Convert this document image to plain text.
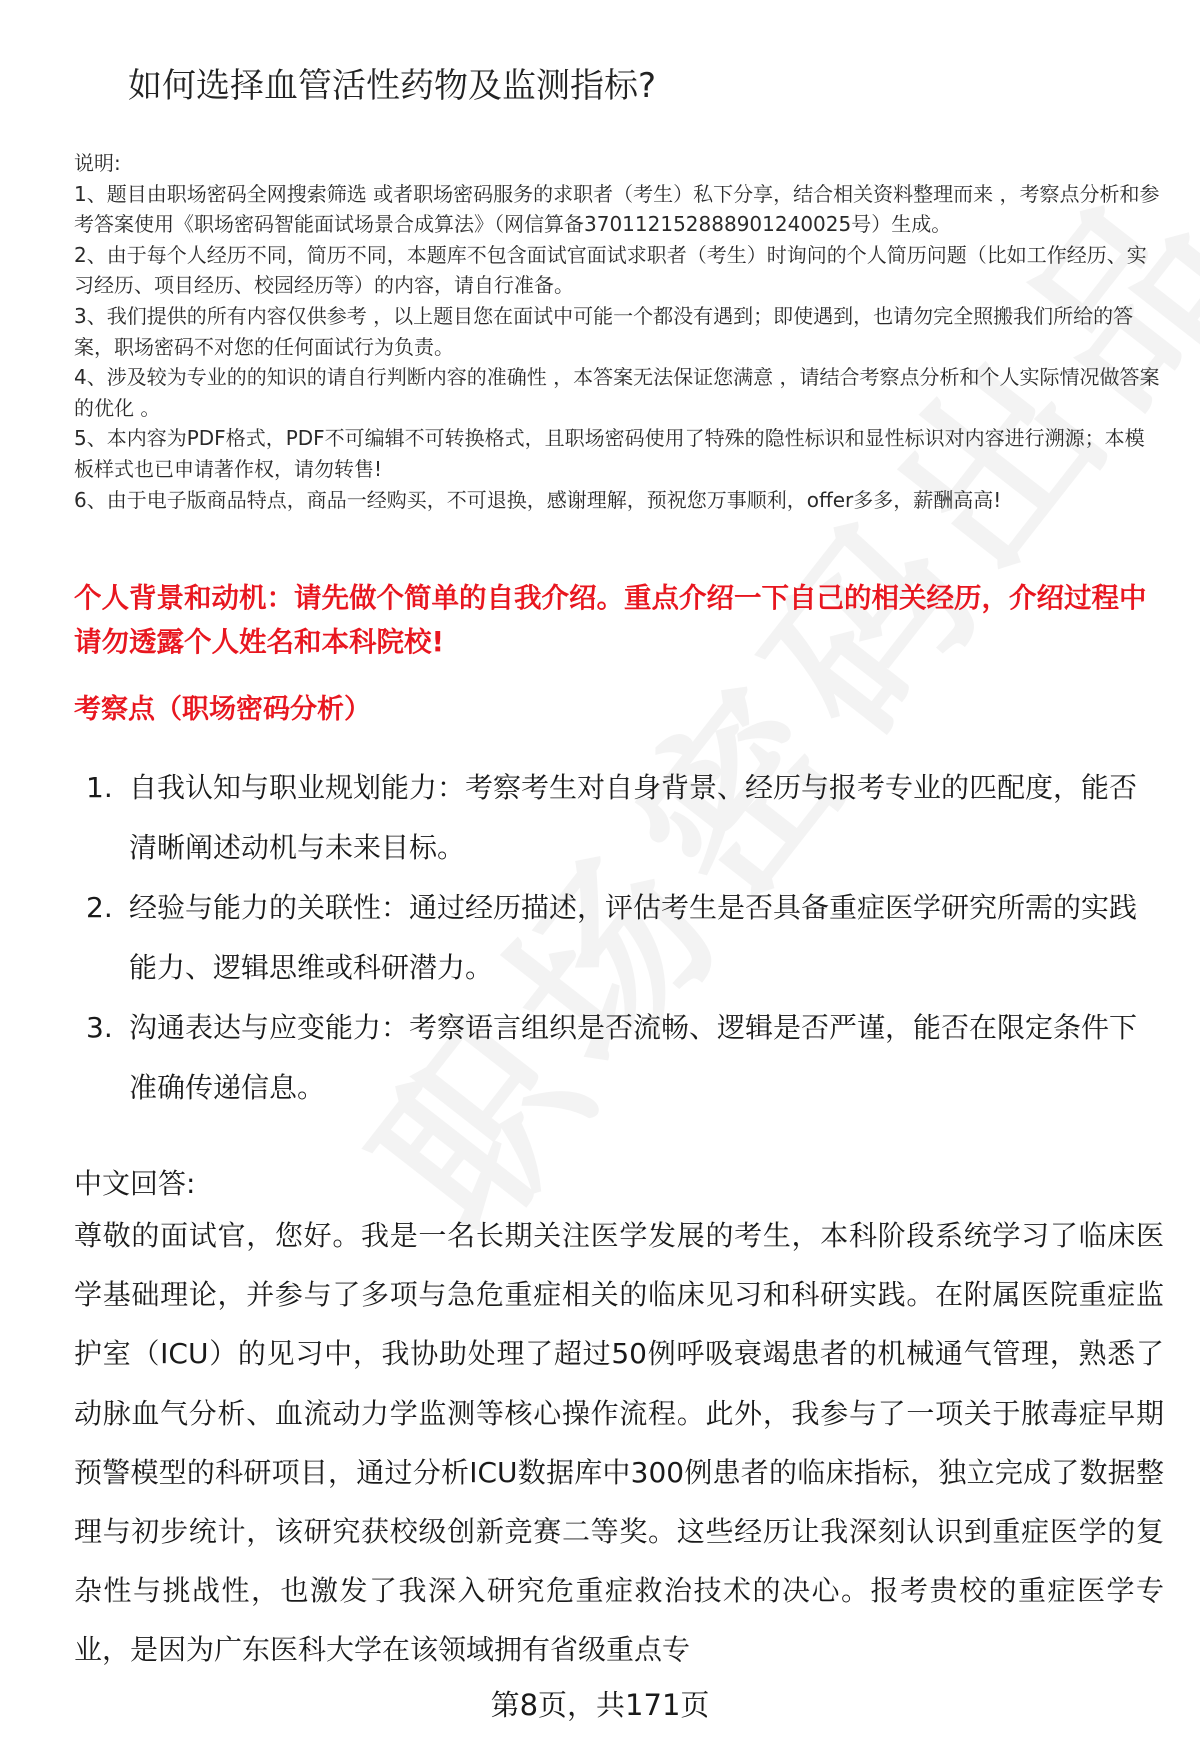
如何选择血管活性药物及监测指标?

说明:

1、题目由职场密码全网搜索筛选 或者职场密码服务的求职者（考生）私下分享，结合相关资料整理而来 ，考察点分析和参考答案使用《职场密码智能面试场景合成算法》（网信算备370112152888901240025号）生成。

2、由于每个人经历不同，简历不同，本题库不包含面试官面试求职者（考生）时询问的个人简历问题（比如工作经历、实习经历、项目经历、校园经历等）的内容，请自行准备。

3、我们提供的所有内容仅供参考 ，以上题目您在面试中可能一个都没有遇到；即使遇到，也请勿完全照搬我们所给的答案，职场密码不对您的任何面试行为负责。

4、涉及较为专业的的知识的请自行判断内容的准确性 ，本答案无法保证您满意 ，请结合考察点分析和个人实际情况做答案的优化 。

5、本内容为PDF格式，PDF不可编辑不可转换格式，且职场密码使用了特殊的隐性标识和显性标识对内容进行溯源；本模板样式也已申请著作权，请勿转售!

6、由于电子版商品特点，商品一经购买，不可退换，感谢理解，预祝您万事顺利，offer多多，薪酬高高!

个人背景和动机：请先做个简单的自我介绍。重点介绍一下自己的相关经历，介绍过程中请勿透露个人姓名和本科院校!
考察点（职场密码分析）
1. 自我认知与职业规划能力：考察考生对自身背景、经历与报考专业的匹配度，能否清晰阐述动机与未来目标。
2. 经验与能力的关联性：通过经历描述，评估考生是否具备重症医学研究所需的实践能力、逻辑思维或科研潜力。
3. 沟通表达与应变能力：考察语言组织是否流畅、逻辑是否严谨，能否在限定条件下准确传递信息。

中文回答:

尊敬的面试官，您好。我是一名长期关注医学发展的考生，本科阶段系统学习了临床医学基础理论，并参与了多项与急危重症相关的临床见习和科研实践。在附属医院重症监护室（ICU）的见习中，我协助处理了超过50例呼吸衰竭患者的机械通气管理，熟悉了动脉血气分析、血流动力学监测等核心操作流程。此外，我参与了一项关于脓毒症早期预警模型的科研项目，通过分析ICU数据库中300例患者的临床指标，独立完成了数据整理与初步统计，该研究获校级创新竞赛二等奖。这些经历让我深刻认识到重症医学的复杂性与挑战性，也激发了我深入研究危重症救治技术的决心。报考贵校的重症医学专业，是因为广东医科大学在该领域拥有省级重点专

第8页，共171页
